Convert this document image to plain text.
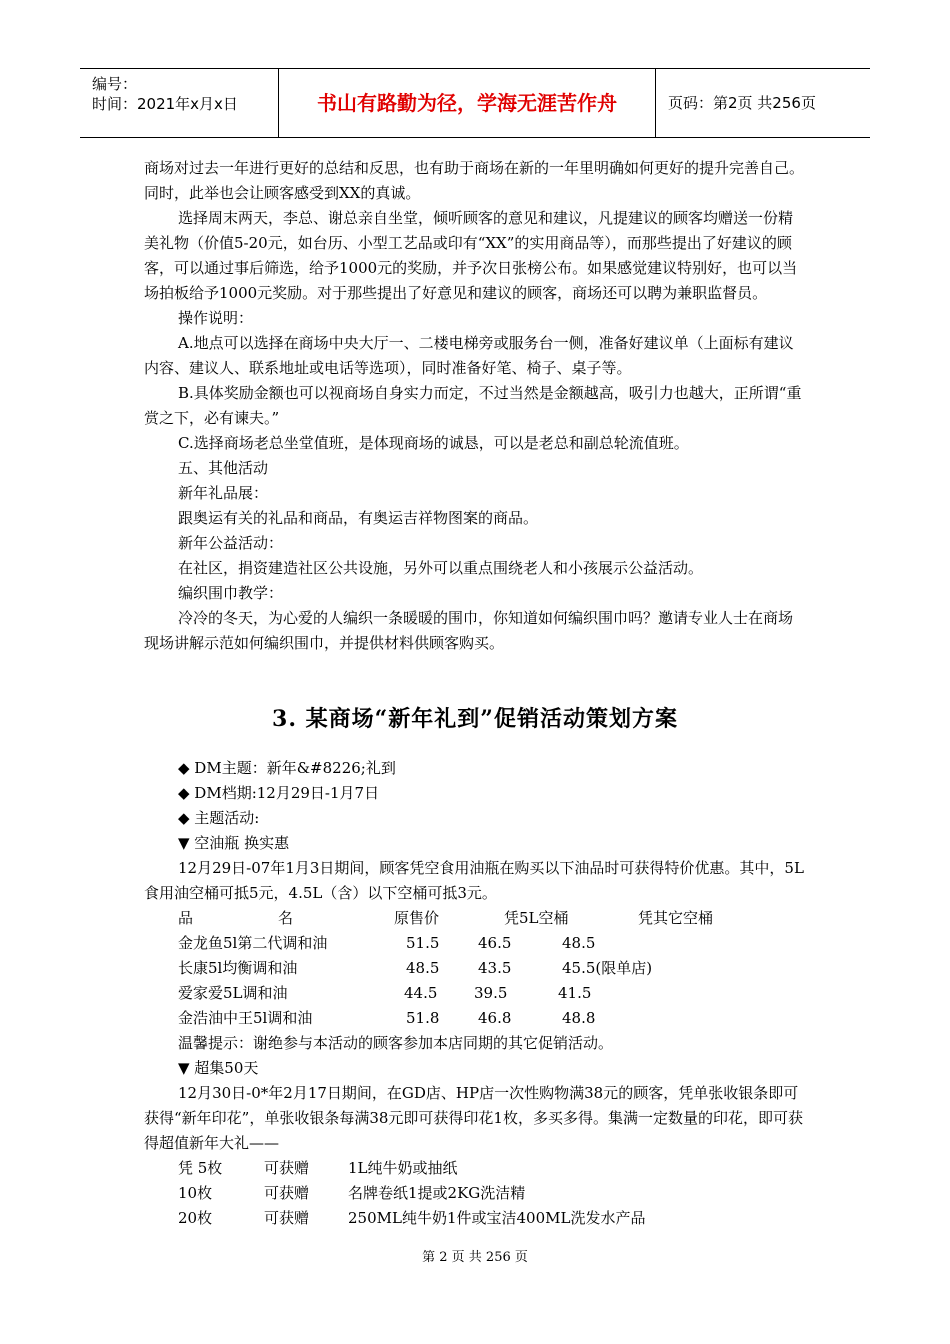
编号：
时间：2021年x月x日	书山有路勤为径，学海无涯苦作舟	页码：第2页 共256页

商场对过去一年进行更好的总结和反思，也有助于商场在新的一年里明确如何更好的提升完善自己。同时，此举也会让顾客感受到XX的真诚。

选择周末两天，李总、谢总亲自坐堂，倾听顾客的意见和建议，凡提建议的顾客均赠送一份精美礼物（价值5-20元，如台历、小型工艺品或印有“XX”的实用商品等），而那些提出了好建议的顾客，可以通过事后筛选，给予1000元的奖励，并予次日张榜公布。如果感觉建议特别好，也可以当场拍板给予1000元奖励。对于那些提出了好意见和建议的顾客，商场还可以聘为兼职监督员。

操作说明：

A.地点可以选择在商场中央大厅一、二楼电梯旁或服务台一侧，准备好建议单（上面标有建议内容、建议人、联系地址或电话等选项），同时准备好笔、椅子、桌子等。

B.具体奖励金额也可以视商场自身实力而定，不过当然是金额越高，吸引力也越大，正所谓“重赏之下，必有谏夫。”

C.选择商场老总坐堂值班，是体现商场的诚恳，可以是老总和副总轮流值班。

五、其他活动

新年礼品展：

跟奥运有关的礼品和商品，有奥运吉祥物图案的商品。

新年公益活动：

在社区，捐资建造社区公共设施，另外可以重点围绕老人和小孩展示公益活动。

编织围巾教学：

冷冷的冬天，为心爱的人编织一条暖暖的围巾，你知道如何编织围巾吗？邀请专业人士在商场现场讲解示范如何编织围巾，并提供材料供顾客购买。

3. 某商场“新年礼到”促销活动策划方案

◆ DM主题：新年&#8226;礼到

◆ DM档期:12月29日-1月7日

◆ 主题活动:

▼ 空油瓶 换实惠

12月29日-07年1月3日期间，顾客凭空食用油瓶在购买以下油品时可获得特价优惠。其中，5L食用油空桶可抵5元，4.5L（含）以下空桶可抵3元。

品	名	原售价	凭5L空桶	凭其它空桶
金龙鱼5l第二代调和油	51.5	46.5	48.5
长康5l均衡调和油	48.5	43.5	45.5(限单店)
爱家爱5L调和油	44.5 39.5	41.5
金浩油中王5l调和油	51.8	46.8	48.8

温馨提示：谢绝参与本活动的顾客参加本店同期的其它促销活动。

▼ 超集50天

12月30日-0*年2月17日期间，在GD店、HP店一次性购物满38元的顾客，凭单张收银条即可获得“新年印花”，单张收银条每满38元即可获得印花1枚，多买多得。集满一定数量的印花，即可获得超值新年大礼——

凭 5枚	可获赠	1L纯牛奶或抽纸
10枚	可获赠	名牌卷纸1提或2KG洗洁精
20枚	可获赠	250ML纯牛奶1件或宝洁400ML洗发水产品
第 2 页 共 256 页
